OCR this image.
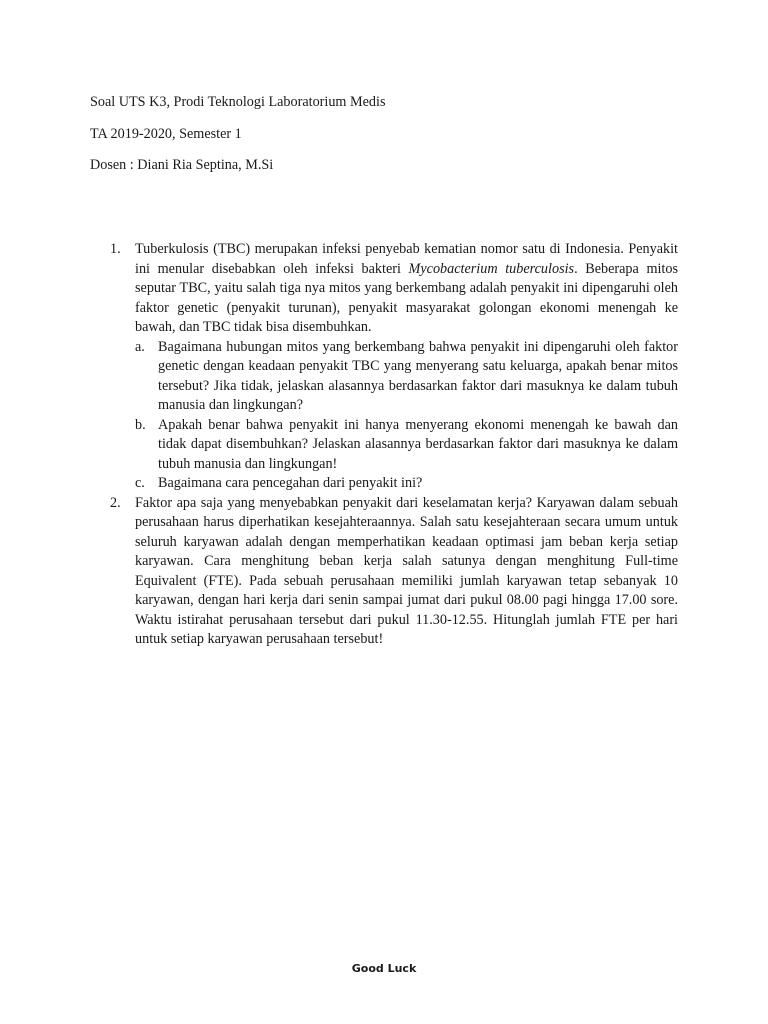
Soal UTS K3, Prodi Teknologi Laboratorium Medis

TA 2019-2020, Semester 1

Dosen : Diani Ria Septina, M.Si

1. Tuberkulosis (TBC) merupakan infeksi penyebab kematian nomor satu di Indonesia. Penyakit ini menular disebabkan oleh infeksi bakteri Mycobacterium tuberculosis. Beberapa mitos seputar TBC, yaitu salah tiga nya mitos yang berkembang adalah penyakit ini dipengaruhi oleh faktor genetic (penyakit turunan), penyakit masyarakat golongan ekonomi menengah ke bawah, dan TBC tidak bisa disembuhkan.
a. Bagaimana hubungan mitos yang berkembang bahwa penyakit ini dipengaruhi oleh faktor genetic dengan keadaan penyakit TBC yang menyerang satu keluarga, apakah benar mitos tersebut? Jika tidak, jelaskan alasannya berdasarkan faktor dari masuknya ke dalam tubuh manusia dan lingkungan?
b. Apakah benar bahwa penyakit ini hanya menyerang ekonomi menengah ke bawah dan tidak dapat disembuhkan? Jelaskan alasannya berdasarkan faktor dari masuknya ke dalam tubuh manusia dan lingkungan!
c. Bagaimana cara pencegahan dari penyakit ini?
2. Faktor apa saja yang menyebabkan penyakit dari keselamatan kerja? Karyawan dalam sebuah perusahaan harus diperhatikan kesejahteraannya. Salah satu kesejahteraan secara umum untuk seluruh karyawan adalah dengan memperhatikan keadaan optimasi jam beban kerja setiap karyawan. Cara menghitung beban kerja salah satunya dengan menghitung Full-time Equivalent (FTE). Pada sebuah perusahaan memiliki jumlah karyawan tetap sebanyak 10 karyawan, dengan hari kerja dari senin sampai jumat dari pukul 08.00 pagi hingga 17.00 sore. Waktu istirahat perusahaan tersebut dari pukul 11.30-12.55. Hitunglah jumlah FTE per hari untuk setiap karyawan perusahaan tersebut!
Good Luck
